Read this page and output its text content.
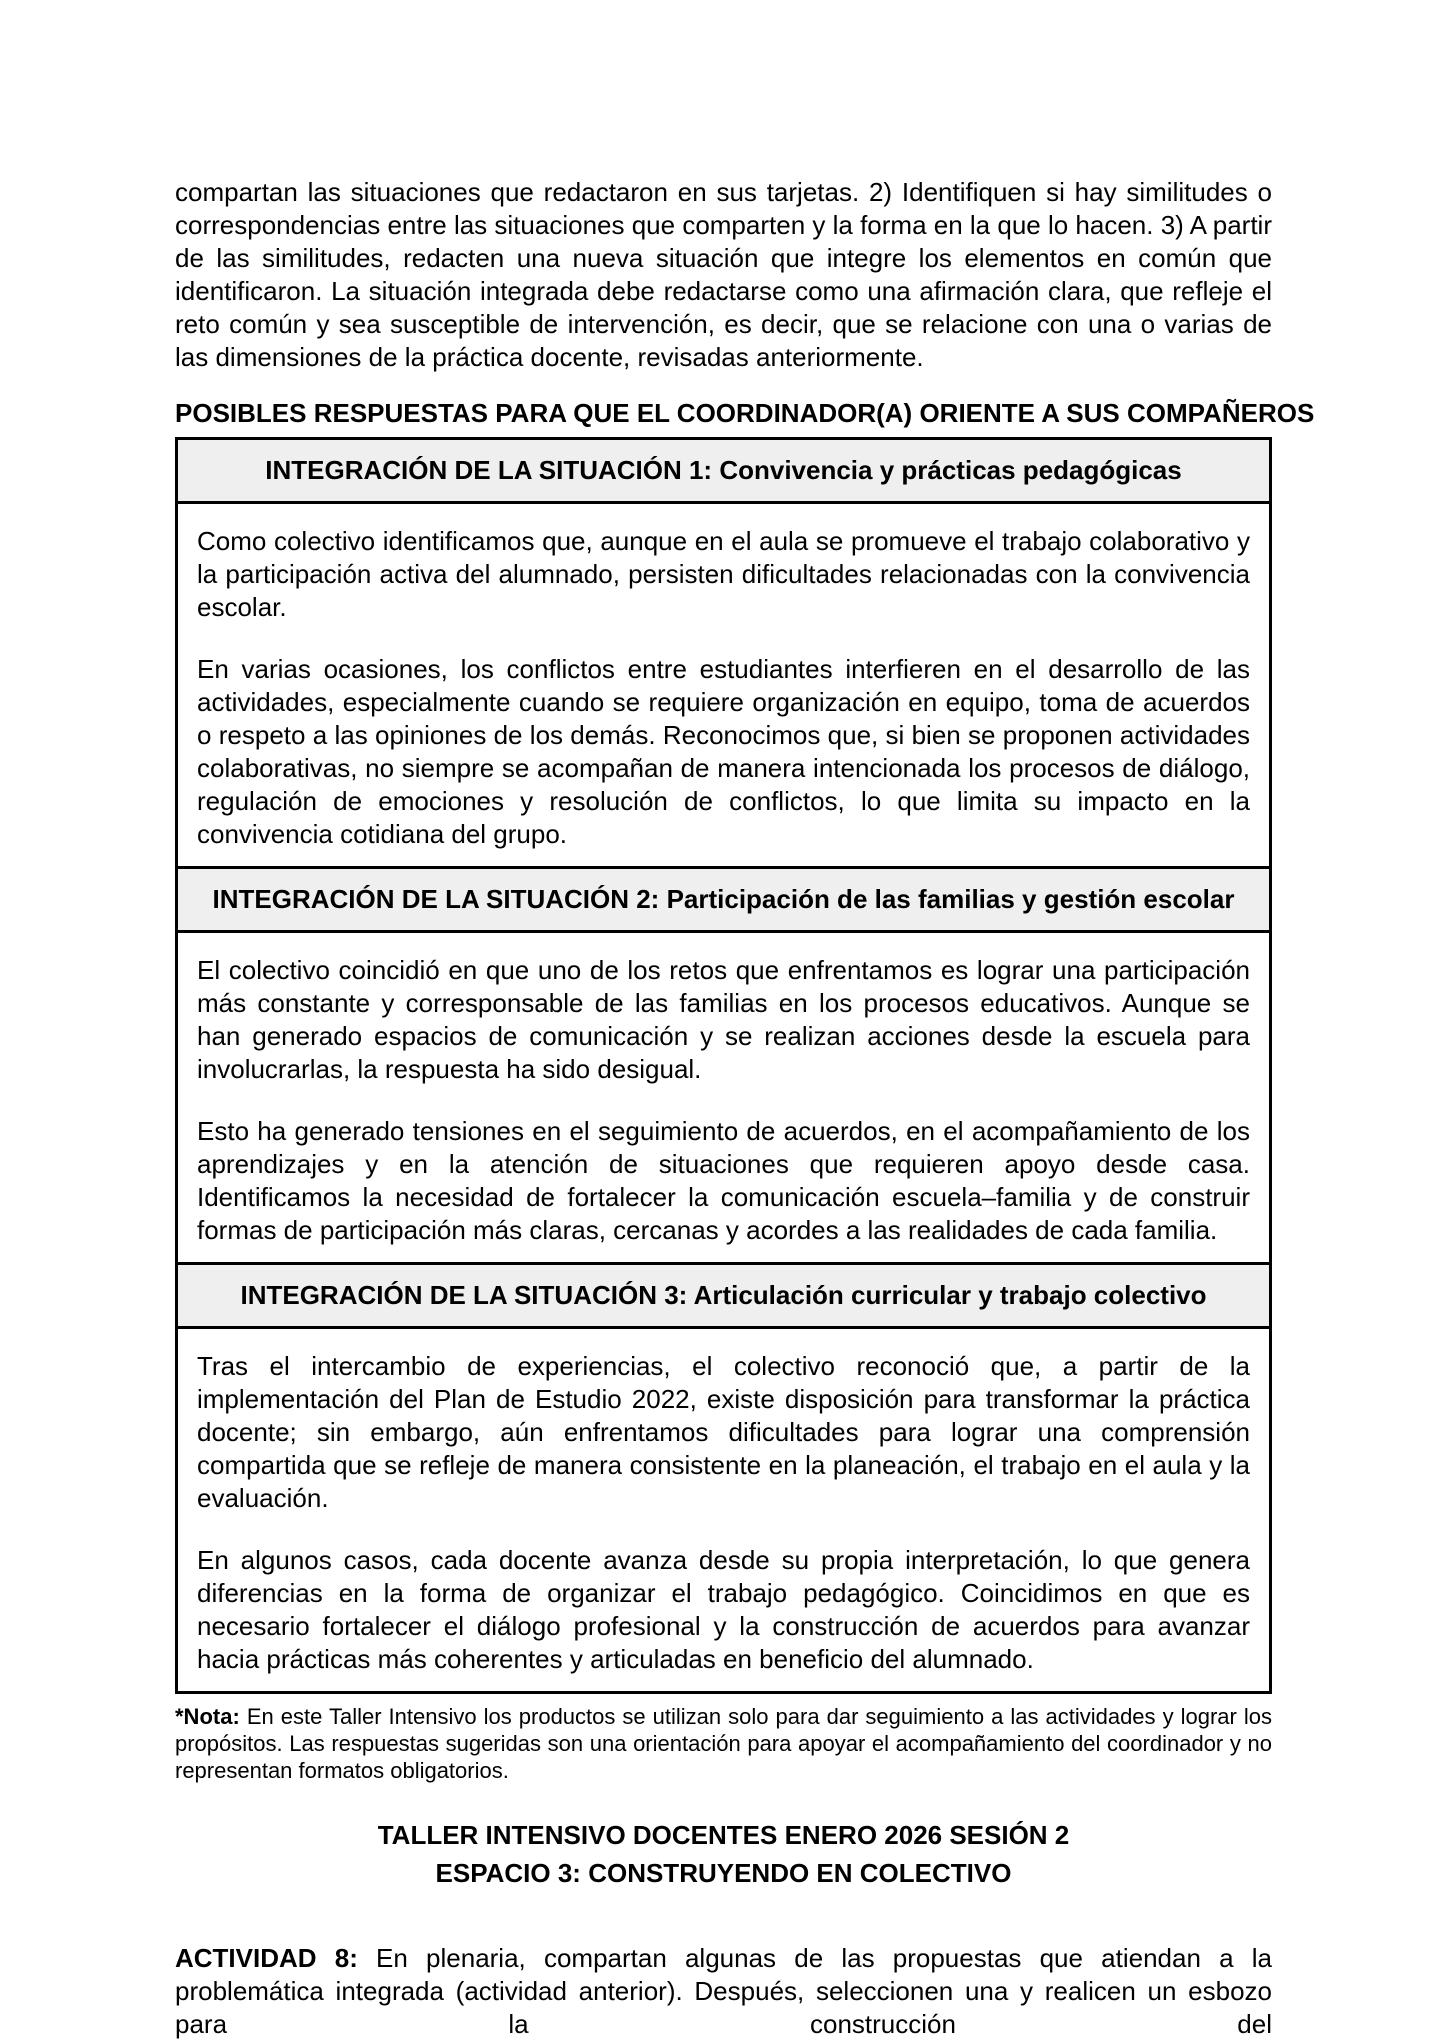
compartan las situaciones que redactaron en sus tarjetas. 2) Identifiquen si hay similitudes o correspondencias entre las situaciones que comparten y la forma en la que lo hacen. 3) A partir de las similitudes, redacten una nueva situación que integre los elementos en común que identificaron. La situación integrada debe redactarse como una afirmación clara, que refleje el reto común y sea susceptible de intervención, es decir, que se relacione con una o varias de las dimensiones de la práctica docente, revisadas anteriormente.

POSIBLES RESPUESTAS PARA QUE EL COORDINADOR(A) ORIENTE A SUS COMPAÑEROS
INTEGRACIÓN DE LA SITUACIÓN 1: Convivencia y prácticas pedagógicas

Como colectivo identificamos que, aunque en el aula se promueve el trabajo colaborativo y la participación activa del alumnado, persisten dificultades relacionadas con la convivencia escolar.

En varias ocasiones, los conflictos entre estudiantes interfieren en el desarrollo de las actividades, especialmente cuando se requiere organización en equipo, toma de acuerdos o respeto a las opiniones de los demás. Reconocimos que, si bien se proponen actividades colaborativas, no siempre se acompañan de manera intencionada los procesos de diálogo, regulación de emociones y resolución de conflictos, lo que limita su impacto en la convivencia cotidiana del grupo.

INTEGRACIÓN DE LA SITUACIÓN 2: Participación de las familias y gestión escolar

El colectivo coincidió en que uno de los retos que enfrentamos es lograr una participación más constante y corresponsable de las familias en los procesos educativos. Aunque se han generado espacios de comunicación y se realizan acciones desde la escuela para involucrarlas, la respuesta ha sido desigual.

Esto ha generado tensiones en el seguimiento de acuerdos, en el acompañamiento de los aprendizajes y en la atención de situaciones que requieren apoyo desde casa. Identificamos la necesidad de fortalecer la comunicación escuela–familia y de construir formas de participación más claras, cercanas y acordes a las realidades de cada familia.

INTEGRACIÓN DE LA SITUACIÓN 3: Articulación curricular y trabajo colectivo

Tras el intercambio de experiencias, el colectivo reconoció que, a partir de la implementación del Plan de Estudio 2022, existe disposición para transformar la práctica docente; sin embargo, aún enfrentamos dificultades para lograr una comprensión compartida que se refleje de manera consistente en la planeación, el trabajo en el aula y la evaluación.

En algunos casos, cada docente avanza desde su propia interpretación, lo que genera diferencias en la forma de organizar el trabajo pedagógico. Coincidimos en que es necesario fortalecer el diálogo profesional y la construcción de acuerdos para avanzar hacia prácticas más coherentes y articuladas en beneficio del alumnado.

*Nota: En este Taller Intensivo los productos se utilizan solo para dar seguimiento a las actividades y lograr los propósitos. Las respuestas sugeridas son una orientación para apoyar el acompañamiento del coordinador y no representan formatos obligatorios.

TALLER INTENSIVO DOCENTES ENERO 2026 SESIÓN 2
ESPACIO 3: CONSTRUYENDO EN COLECTIVO

ACTIVIDAD 8: En plenaria, compartan algunas de las propuestas que atiendan a la problemática integrada (actividad anterior). Después, seleccionen una y realicen un esbozo para la construcción del
